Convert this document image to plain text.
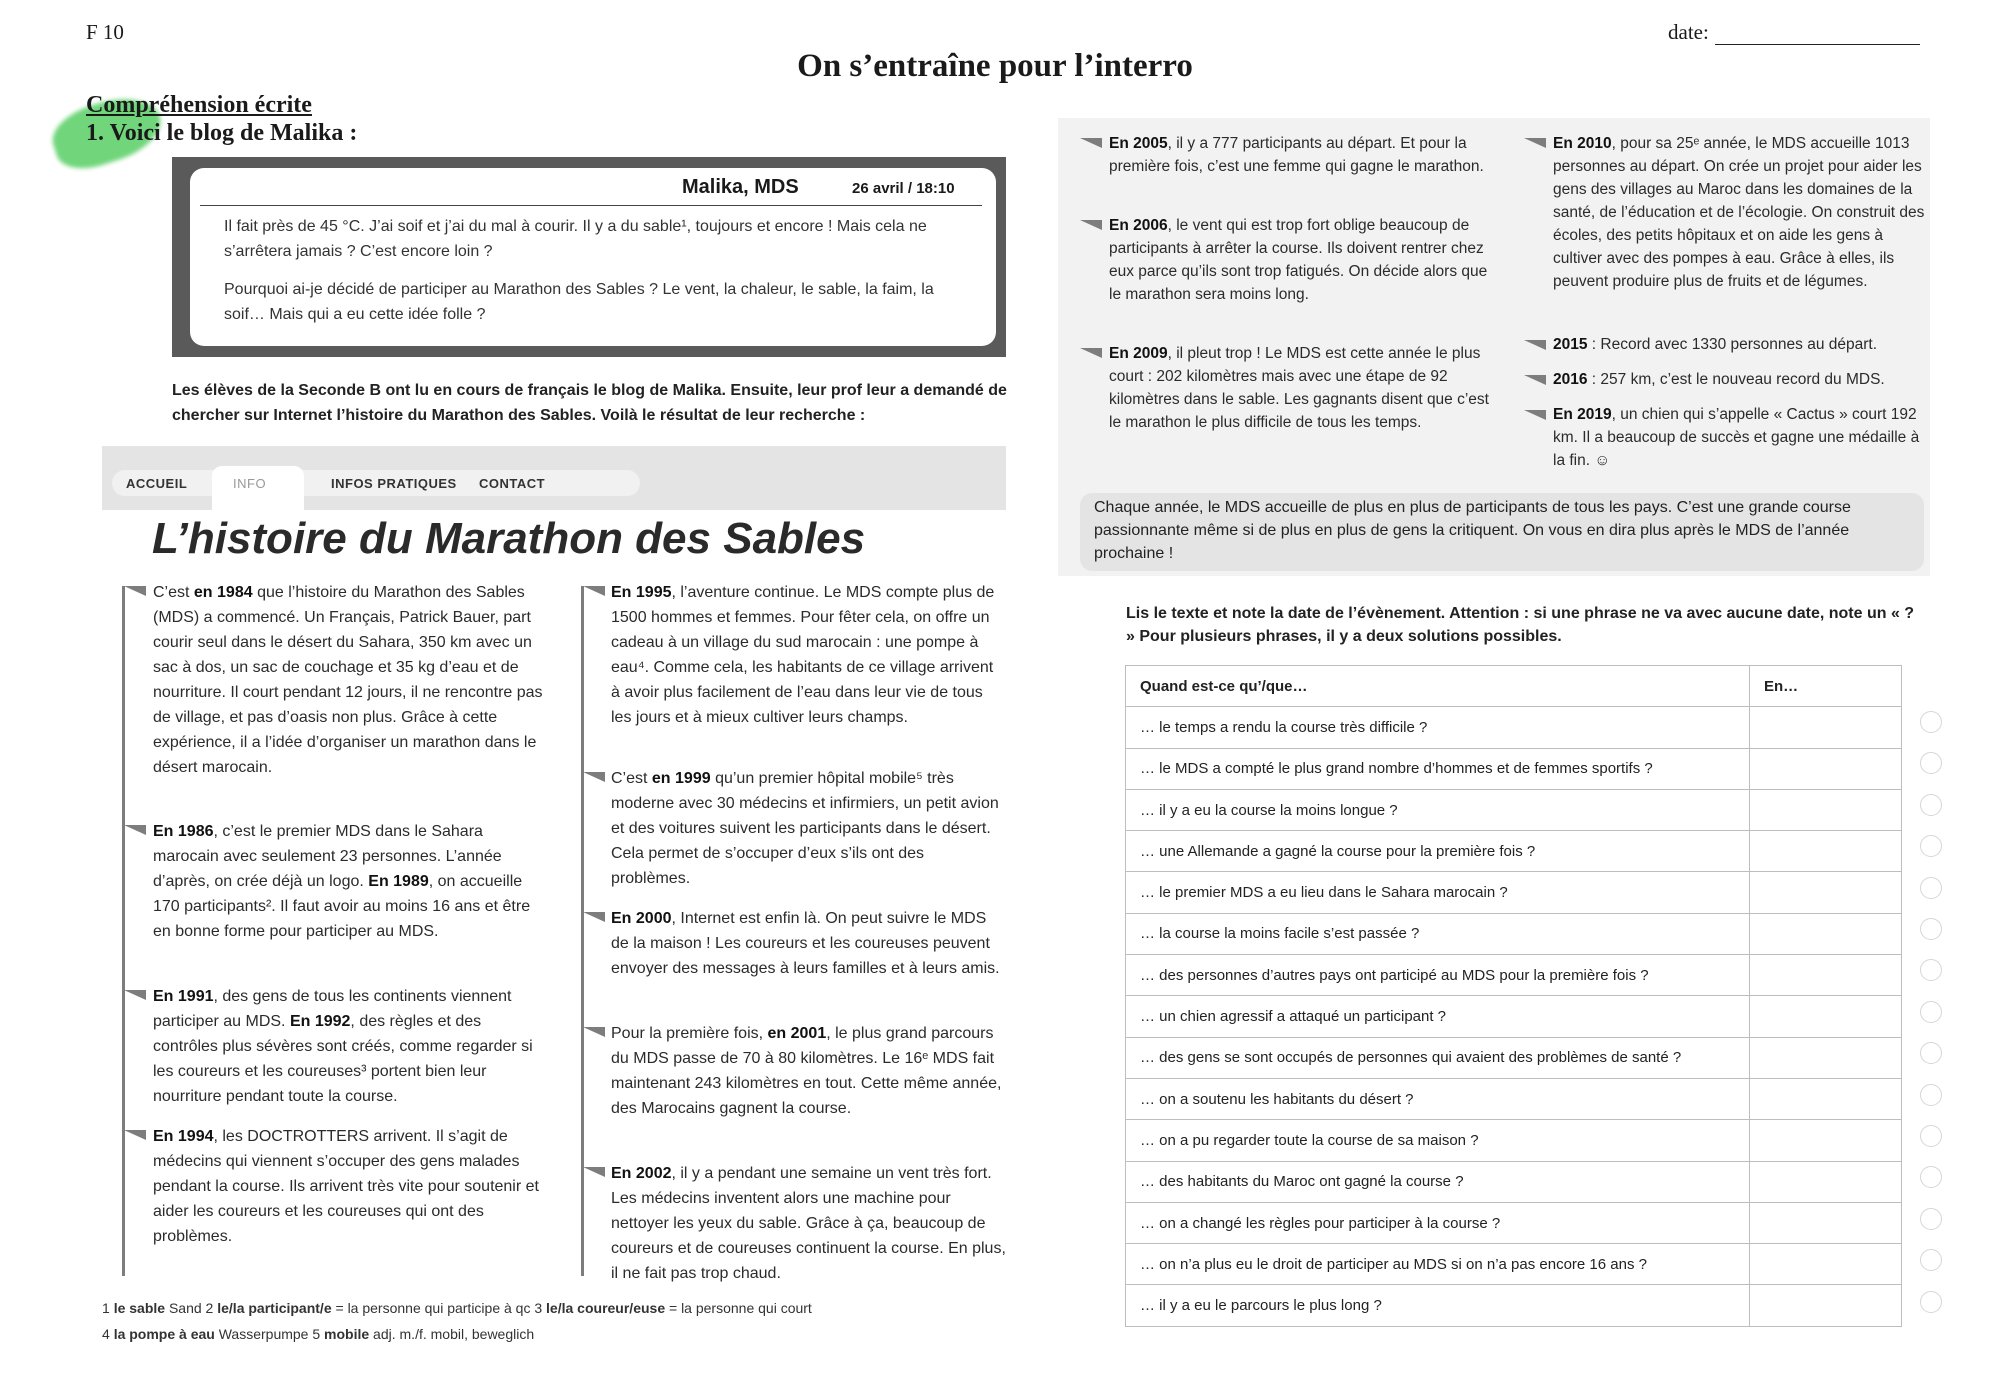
F 10	date:
On s’entraîne pour l’interro
Compréhension écrite
1. Voici le blog de Malika :
Malika, MDS	26 avril / 18:10
Il fait près de 45 °C. J’ai soif et j’ai du mal à courir. Il y a du sable¹, toujours et encore ! Mais cela ne s’arrêtera jamais ? C’est encore loin ?
Pourquoi ai-je décidé de participer au Marathon des Sables ? Le vent, la chaleur, le sable, la faim, la soif… Mais qui a eu cette idée folle ?
Les élèves de la Seconde B ont lu en cours de français le blog de Malika. Ensuite, leur prof leur a demandé de
chercher sur Internet l’histoire du Marathon des Sables. Voilà le résultat de leur recherche :
ACCUEIL	INFO	INFOS PRATIQUES CONTACT
L’histoire du Marathon des Sables
C’est en 1984 que l’histoire du Marathon des Sables (MDS) a commencé. Un Français, Patrick Bauer, part courir seul dans le désert du Sahara, 350 km avec un sac à dos, un sac de couchage et 35 kg d’eau et de nourriture. Il court pendant 12 jours, il ne rencontre pas de village, et pas d’oasis non plus. Grâce à cette expérience, il a l’idée d’organiser un marathon dans le désert marocain.
En 1986, c’est le premier MDS dans le Sahara marocain avec seulement 23 personnes. L’année d’après, on crée déjà un logo. En 1989, on accueille 170 participants². Il faut avoir au moins 16 ans et être en bonne forme pour participer au MDS.
En 1991, des gens de tous les continents viennent participer au MDS. En 1992, des règles et des contrôles plus sévères sont créés, comme regarder si les coureurs et les coureuses³ portent bien leur nourriture pendant toute la course.
En 1994, les DOCTROTTERS arrivent. Il s’agit de médecins qui viennent s’occuper des gens malades pendant la course. Ils arrivent très vite pour soutenir et aider les coureurs et les coureuses qui ont des problèmes.
En 1995, l’aventure continue. Le MDS compte plus de 1500 hommes et femmes. Pour fêter cela, on offre un cadeau à un village du sud marocain : une pompe à eau⁴. Comme cela, les habitants de ce village arrivent à avoir plus facilement de l’eau dans leur vie de tous les jours et à mieux cultiver leurs champs.
C’est en 1999 qu’un premier hôpital mobile⁵ très moderne avec 30 médecins et infirmiers, un petit avion et des voitures suivent les participants dans le désert. Cela permet de s’occuper d’eux s’ils ont des problèmes.
En 2000, Internet est enfin là. On peut suivre le MDS de la maison ! Les coureurs et les coureuses peuvent envoyer des messages à leurs familles et à leurs amis.
Pour la première fois, en 2001, le plus grand parcours du MDS passe de 70 à 80 kilomètres. Le 16ᵉ MDS fait maintenant 243 kilomètres en tout. Cette même année, des Marocains gagnent la course.
En 2002, il y a pendant une semaine un vent très fort. Les médecins inventent alors une machine pour nettoyer les yeux du sable. Grâce à ça, beaucoup de coureurs et de coureuses continuent la course. En plus, il ne fait pas trop chaud.
1 le sable Sand 2 le/la participant/e = la personne qui participe à qc 3 le/la coureur/euse = la personne qui court
4 la pompe à eau Wasserpumpe 5 mobile adj. m./f. mobil, beweglich
En 2005, il y a 777 participants au départ. Et pour la première fois, c’est une femme qui gagne le marathon.
En 2006, le vent qui est trop fort oblige beaucoup de participants à arrêter la course. Ils doivent rentrer chez eux parce qu’ils sont trop fatigués. On décide alors que le marathon sera moins long.
En 2009, il pleut trop ! Le MDS est cette année le plus court : 202 kilomètres mais avec une étape de 92 kilomètres dans le sable. Les gagnants disent que c’est le marathon le plus difficile de tous les temps.
En 2010, pour sa 25ᵉ année, le MDS accueille 1013 personnes au départ. On crée un projet pour aider les gens des villages au Maroc dans les domaines de la santé, de l’éducation et de l’écologie. On construit des écoles, des petits hôpitaux et on aide les gens à cultiver avec des pompes à eau. Grâce à elles, ils peuvent produire plus de fruits et de légumes.
2015 : Record avec 1330 personnes au départ.
2016 : 257 km, c’est le nouveau record du MDS.
En 2019, un chien qui s’appelle « Cactus » court 192 km. Il a beaucoup de succès et gagne une médaille à la fin. ☺
Chaque année, le MDS accueille de plus en plus de participants de tous les pays. C’est une grande course passionnante même si de plus en plus de gens la critiquent. On vous en dira plus après le MDS de l’année prochaine !
Lis le texte et note la date de l’évènement. Attention : si une phrase ne va avec aucune date, note un « ? » Pour plusieurs phrases, il y a deux solutions possibles.
Quand est-ce qu’/que…	En…
… le temps a rendu la course très difficile ?	
… le MDS a compté le plus grand nombre d’hommes et de femmes sportifs ?	
… il y a eu la course la moins longue ?	
… une Allemande a gagné la course pour la première fois ?	
… le premier MDS a eu lieu dans le Sahara marocain ?	
… la course la moins facile s’est passée ?	
… des personnes d’autres pays ont participé au MDS pour la première fois ?	
… un chien agressif a attaqué un participant ?	
… des gens se sont occupés de personnes qui avaient des problèmes de santé ?	
… on a soutenu les habitants du désert ?	
… on a pu regarder toute la course de sa maison ?	
… des habitants du Maroc ont gagné la course ?	
… on a changé les règles pour participer à la course ?	
… on n’a plus eu le droit de participer au MDS si on n’a pas encore 16 ans ?	
… il y a eu le parcours le plus long ?	
